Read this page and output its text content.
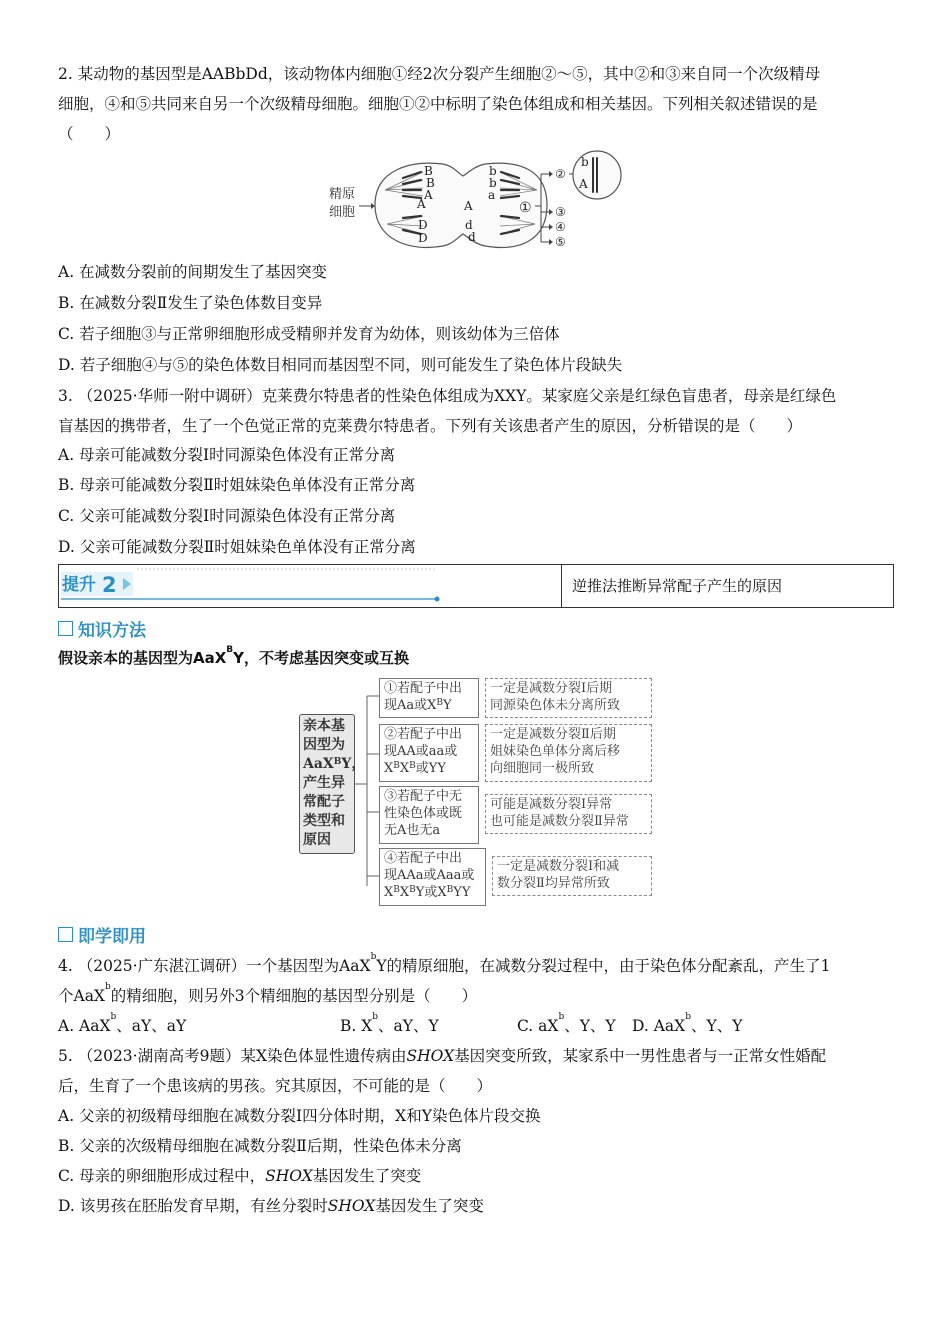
2. 某动物的基因型是AABbDd，该动物体内细胞①经2次分裂产生细胞②～⑤，其中②和③来自同一个次级精母
细胞，④和⑤共同来自另一个次级精母细胞。细胞①②中标明了染色体组成和相关基因。下列相关叙述错误的是
（　　）
精原
细胞
B
B
A
A
D
D
b
b
a
A
d
d
①
②
③
④
⑤
b
A
A. 在减数分裂前的间期发生了基因突变
B. 在减数分裂Ⅱ发生了染色体数目变异
C. 若子细胞③与正常卵细胞形成受精卵并发育为幼体，则该幼体为三倍体
D. 若子细胞④与⑤的染色体数目相同而基因型不同，则可能发生了染色体片段缺失
3. （2025·华师一附中调研）克莱费尔特患者的性染色体组成为XXY。某家庭父亲是红绿色盲患者，母亲是红绿色
盲基因的携带者，生了一个色觉正常的克莱费尔特患者。下列有关该患者产生的原因，分析错误的是（　　）
A. 母亲可能减数分裂Ⅰ时同源染色体没有正常分离
B. 母亲可能减数分裂Ⅱ时姐妹染色单体没有正常分离
C. 父亲可能减数分裂Ⅰ时同源染色体没有正常分离
D. 父亲可能减数分裂Ⅱ时姐妹染色单体没有正常分离
提升 2	逆推法推断异常配子产生的原因
知识方法
假设亲本的基因型为AaX$^B$Y，不考虑基因突变或互换
亲本基
因型为
AaX$^B$Y，
产生异
常配子
类型和
原因
①若配子中出
现Aa或$X^BY$
一定是减数分裂Ⅰ后期
同源染色体未分离所致
②若配子中出
现AA或aa或
$X^BX^B$或YY
一定是减数分裂Ⅱ后期
姐妹染色单体分离后移
向细胞同一极所致
③若配子中无
性染色体或既
无A也无a
可能是减数分裂Ⅰ异常
也可能是减数分裂Ⅱ异常
④若配子中出
现AAa或Aaa或
$X^BX^BY$或$X^BYY$
一定是减数分裂Ⅰ和减
数分裂Ⅱ均异常所致
即学即用
4. （2025·广东湛江调研）一个基因型为AaX$^b$Y的精原细胞，在减数分裂过程中，由于染色体分配紊乱，产生了1
个AaX$^b$的精细胞，则另外3个精细胞的基因型分别是（　　）
A. AaX$^b$、aY、aY	B. $X^b$、aY、Y	C. $aX^b$、Y、Y D. AaX$^b$、Y、Y
5. （2023·湖南高考9题）某X染色体显性遗传病由SHOX基因突变所致，某家系中一男性患者与一正常女性婚配
后，生育了一个患该病的男孩。究其原因，不可能的是（　　）
A. 父亲的初级精母细胞在减数分裂Ⅰ四分体时期，X和Y染色体片段交换
B. 父亲的次级精母细胞在减数分裂Ⅱ后期，性染色体未分离
C. 母亲的卵细胞形成过程中，SHOX基因发生了突变
D. 该男孩在胚胎发育早期，有丝分裂时SHOX基因发生了突变
